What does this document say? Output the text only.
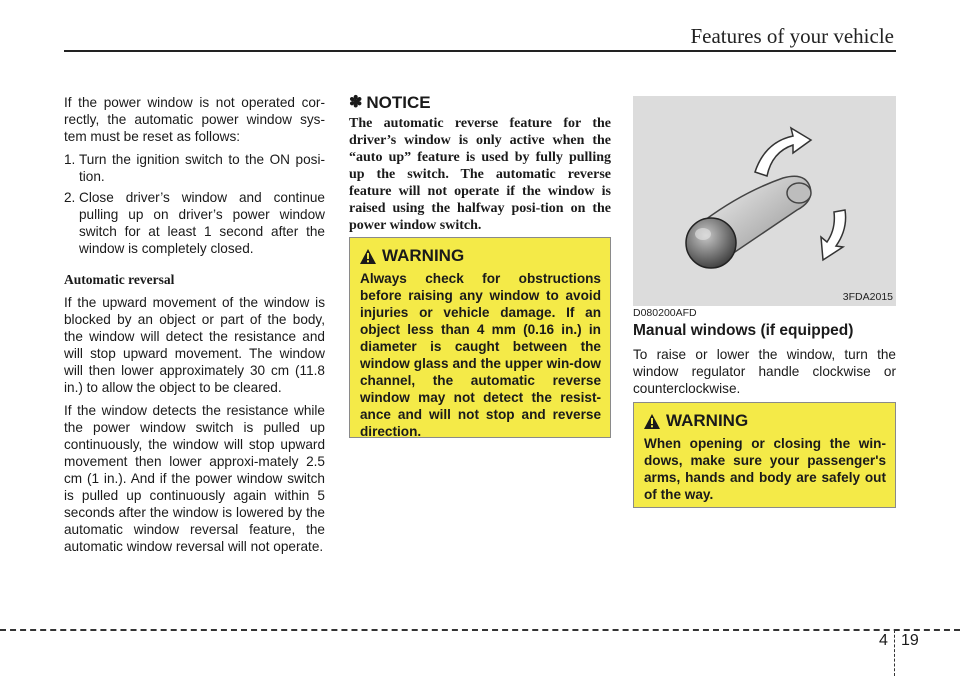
Features of your vehicle

If the power window is not operated cor-rectly, the automatic power window sys-tem must be reset as follows:

1. Turn the ignition switch to the ON posi-tion.
2. Close driver’s window and continue pulling up on driver’s power window switch for at least 1 second after the window is completely closed.

Automatic reversal

If the upward movement of the window is blocked by an object or part of the body, the window will detect the resistance and will stop upward movement. The window will then lower approximately 30 cm (11.8 in.) to allow the object to be cleared.

If the window detects the resistance while the power window switch is pulled up continuously, the window will stop upward movement then lower approxi-mately 2.5 cm (1 in.). And if the power window switch is pulled up continuously again within 5 seconds after the window is lowered by the automatic window reversal feature, the automatic window reversal will not operate.

✽ NOTICE

The automatic reverse feature for the driver’s window is only active when the “auto up” feature is used by fully pulling up the switch. The automatic reverse feature will not operate if the window is raised using the halfway posi-tion on the power window switch.

WARNING

Always check for obstructions before raising any window to avoid injuries or vehicle damage. If an object less than 4 mm (0.16 in.) in diameter is caught between the window glass and the upper win-dow channel, the automatic reverse window may not detect the resist-ance and will not stop and reverse direction.

3FDA2015
D080200AFD
Manual windows (if equipped)

To raise or lower the window, turn the window regulator handle clockwise or counterclockwise.

WARNING

When opening or closing the win-dows, make sure your passenger's arms, hands and body are safely out of the way.

4 19
